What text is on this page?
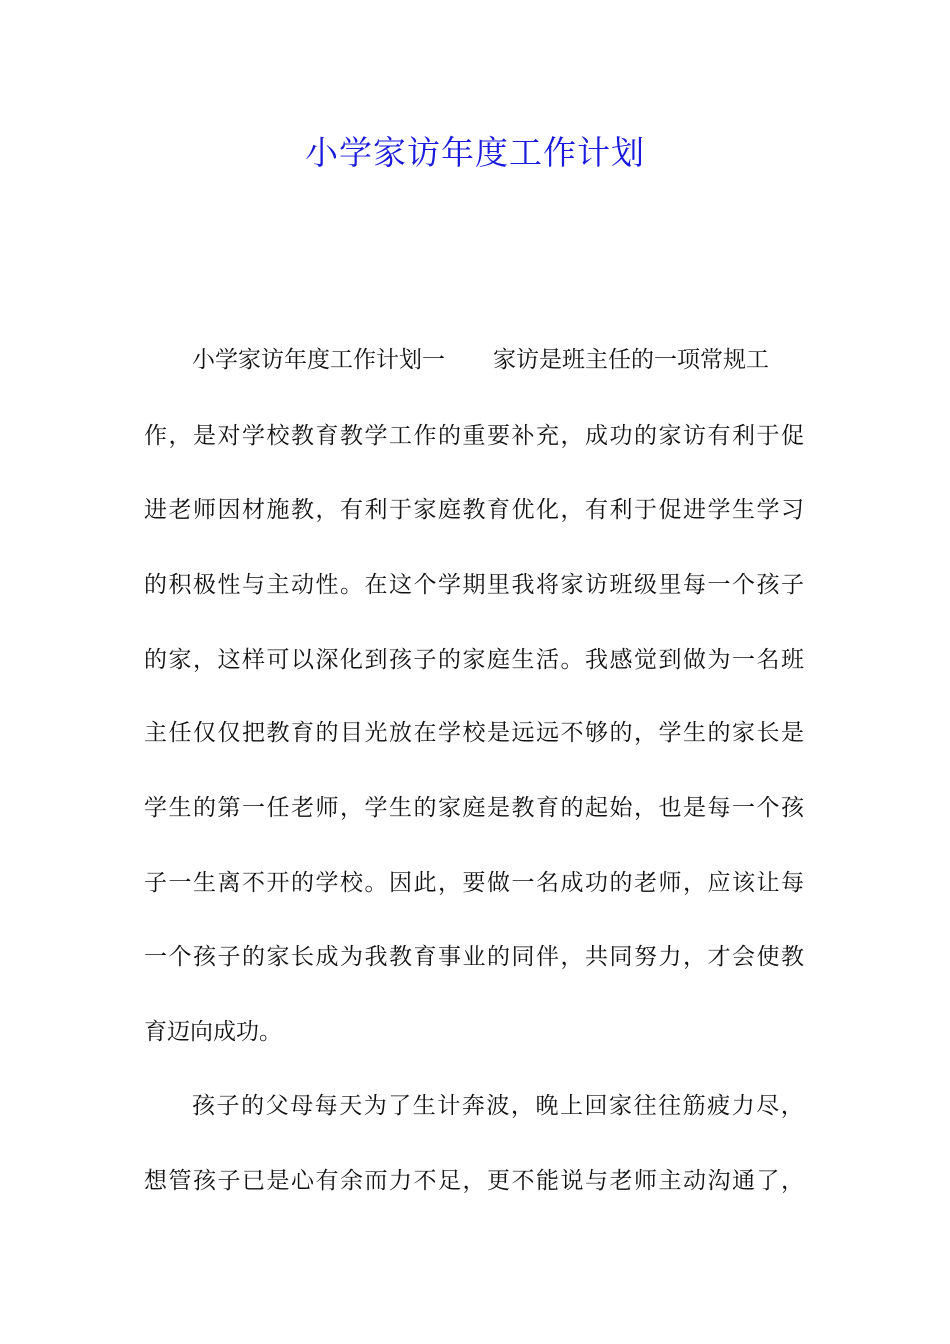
小学家访年度工作计划
小学家访年度工作计划一 家访是班主任的一项常规工
作 ， 是 对 学 校 教 育 教 学 工 作 的 重 要 补 充 ， 成 功 的 家 访 有 利 于 促
进 老 师 因 材 施 教 ， 有 利 于 家 庭 教 育 优 化 ， 有 利 于 促 进 学 生 学 习
的 积 极 性 与 主 动 性 。 在 这 个 学 期 里 我 将 家 访 班 级 里 每 一 个 孩 子
的 家 ， 这 样 可 以 深 化 到 孩 子 的 家 庭 生 活 。 我 感 觉 到 做 为 一 名 班
主 任 仅 仅 把 教 育 的 目 光 放 在 学 校 是 远 远 不 够 的 ， 学 生 的 家 长 是
学 生 的 第 一 任 老 师 ， 学 生 的 家 庭 是 教 育 的 起 始 ， 也 是 每 一 个 孩
子 一 生 离 不 开 的 学 校 。 因 此 ， 要 做 一 名 成 功 的 老 师 ， 应 该 让 每
一 个 孩 子 的 家 长 成 为 我 教 育 事 业 的 同 伴 ， 共 同 努 力 ， 才 会 使 教
育迈向成功。
孩 子 的 父 母 每 天 为 了 生 计 奔 波 ， 晚 上 回 家 往 往 筋 疲 力 尽 ，
想 管 孩 子 已 是 心 有 余 而 力 不 足 ， 更 不 能 说 与 老 师 主 动 沟 通 了 ，
